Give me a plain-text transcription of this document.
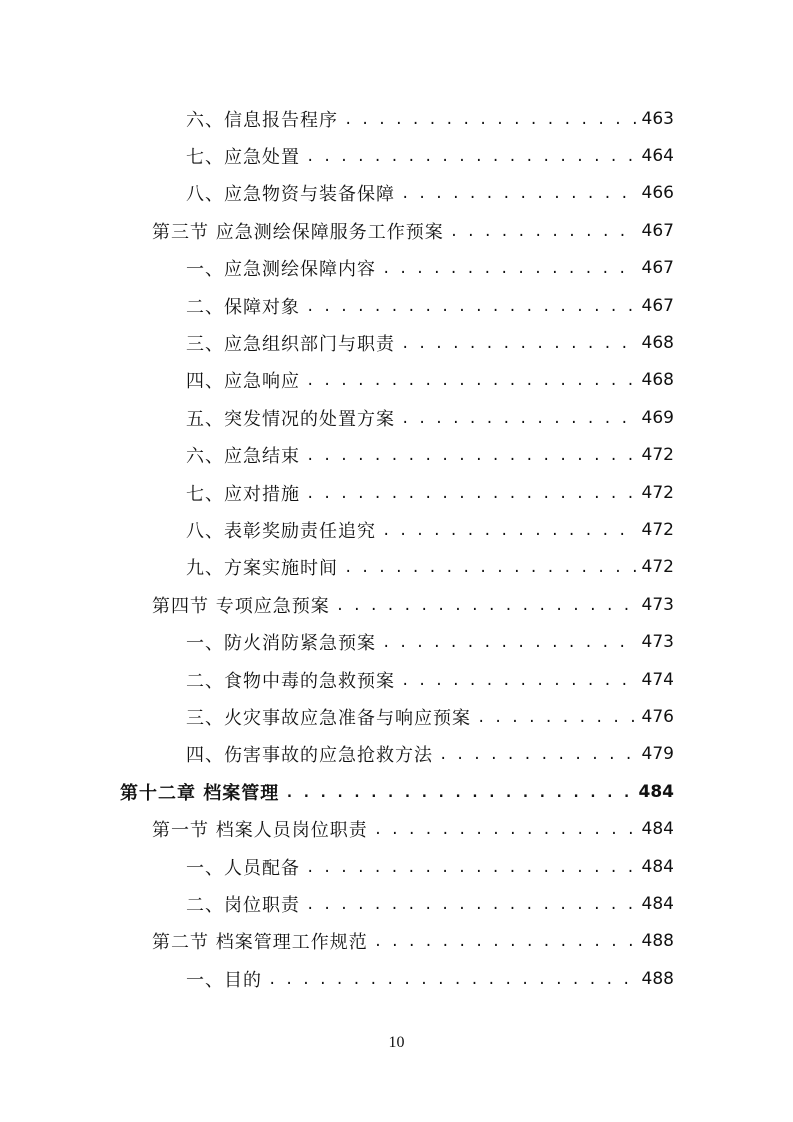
六、信息报告程序 . . .	463
七、应急处置 . . .	464
八、应急物资与装备保障 . . .	466
第三节 应急测绘保障服务工作预案 . . .	467
一、应急测绘保障内容 . . .	467
二、保障对象 . . .	467
三、应急组织部门与职责 . . .	468
四、应急响应 . . .	468
五、突发情况的处置方案 . . .	469
六、应急结束 . . .	472
七、应对措施 . . .	472
八、表彰奖励责任追究 . . .	472
九、方案实施时间 . . .	472
第四节 专项应急预案 . . .	473
一、防火消防紧急预案 . . .	473
二、食物中毒的急救预案 . . .	474
三、火灾事故应急准备与响应预案 . . .	476
四、伤害事故的应急抢救方法 . . .	479
第十二章 档案管理 . . .	484
第一节 档案人员岗位职责 . . .	484
一、人员配备 . . .	484
二、岗位职责 . . .	484
第二节 档案管理工作规范 . . .	488
一、目的 . . .	488
10
